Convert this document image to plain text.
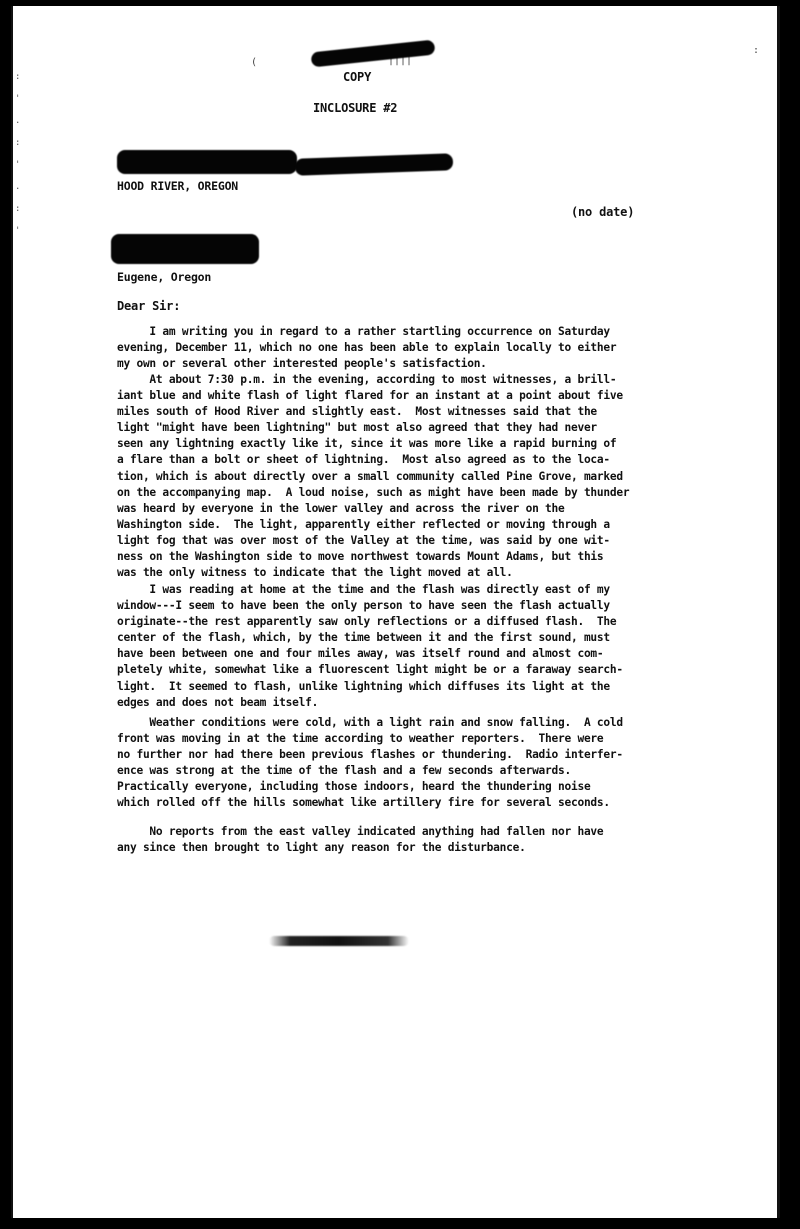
:
'
.
:
'
.
:
'
(	||||
:
COPY
INCLOSURE #2
HOOD RIVER, OREGON
(no date)
Eugene, Oregon
Dear Sir:
I am writing you in regard to a rather startling occurrence on Saturday
evening, December 11, which no one has been able to explain locally to either
my own or several other interested people's satisfaction.
At about 7:30 p.m. in the evening, according to most witnesses, a brill-
iant blue and white flash of light flared for an instant at a point about five
miles south of Hood River and slightly east.  Most witnesses said that the
light "might have been lightning" but most also agreed that they had never
seen any lightning exactly like it, since it was more like a rapid burning of
a flare than a bolt or sheet of lightning.  Most also agreed as to the loca-
tion, which is about directly over a small community called Pine Grove, marked
on the accompanying map.  A loud noise, such as might have been made by thunder
was heard by everyone in the lower valley and across the river on the
Washington side.  The light, apparently either reflected or moving through a
light fog that was over most of the Valley at the time, was said by one wit-
ness on the Washington side to move northwest towards Mount Adams, but this
was the only witness to indicate that the light moved at all.
I was reading at home at the time and the flash was directly east of my
window---I seem to have been the only person to have seen the flash actually
originate--the rest apparently saw only reflections or a diffused flash.  The
center of the flash, which, by the time between it and the first sound, must
have been between one and four miles away, was itself round and almost com-
pletely white, somewhat like a fluorescent light might be or a faraway search-
light.  It seemed to flash, unlike lightning which diffuses its light at the
edges and does not beam itself.
Weather conditions were cold, with a light rain and snow falling.  A cold
front was moving in at the time according to weather reporters.  There were
no further nor had there been previous flashes or thundering.  Radio interfer-
ence was strong at the time of the flash and a few seconds afterwards.
Practically everyone, including those indoors, heard the thundering noise
which rolled off the hills somewhat like artillery fire for several seconds.
No reports from the east valley indicated anything had fallen nor have
any since then brought to light any reason for the disturbance.
